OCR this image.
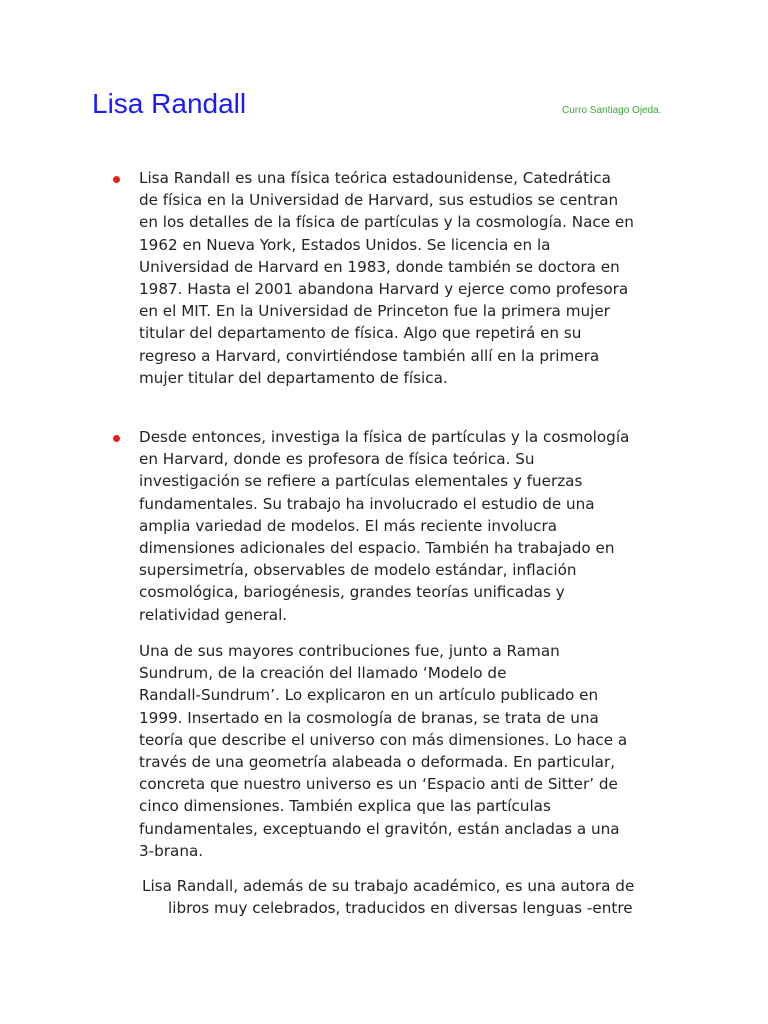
Lisa Randall	Curro Santiago Ojeda.

Lisa Randall es una física teórica estadounidense, Catedrática
de física en la Universidad de Harvard, sus estudios se centran
en los detalles de la física de partículas y la cosmología. Nace en
1962 en Nueva York, Estados Unidos. Se licencia en la
Universidad de Harvard en 1983, donde también se doctora en
1987. Hasta el 2001 abandona Harvard y ejerce como profesora
en el MIT. En la Universidad de Princeton fue la primera mujer
titular del departamento de física. Algo que repetirá en su
regreso a Harvard, convirtiéndose también allí en la primera
mujer titular del departamento de física.

Desde entonces, investiga la física de partículas y la cosmología
en Harvard, donde es profesora de física teórica. Su
investigación se refiere a partículas elementales y fuerzas
fundamentales. Su trabajo ha involucrado el estudio de una
amplia variedad de modelos. El más reciente involucra
dimensiones adicionales del espacio. También ha trabajado en
supersimetría, observables de modelo estándar, inflación
cosmológica, bariogénesis, grandes teorías unificadas y
relatividad general.

Una de sus mayores contribuciones fue, junto a Raman
Sundrum, de la creación del llamado ‘Modelo de
Randall-Sundrum’. Lo explicaron en un artículo publicado en
1999. Insertado en la cosmología de branas, se trata de una
teoría que describe el universo con más dimensiones. Lo hace a
través de una geometría alabeada o deformada. En particular,
concreta que nuestro universo es un ‘Espacio anti de Sitter’ de
cinco dimensiones. También explica que las partículas
fundamentales, exceptuando el gravitón, están ancladas a una
3-brana.

Lisa Randall, además de su trabajo académico, es una autora de
libros muy celebrados, traducidos en diversas lenguas -entre
